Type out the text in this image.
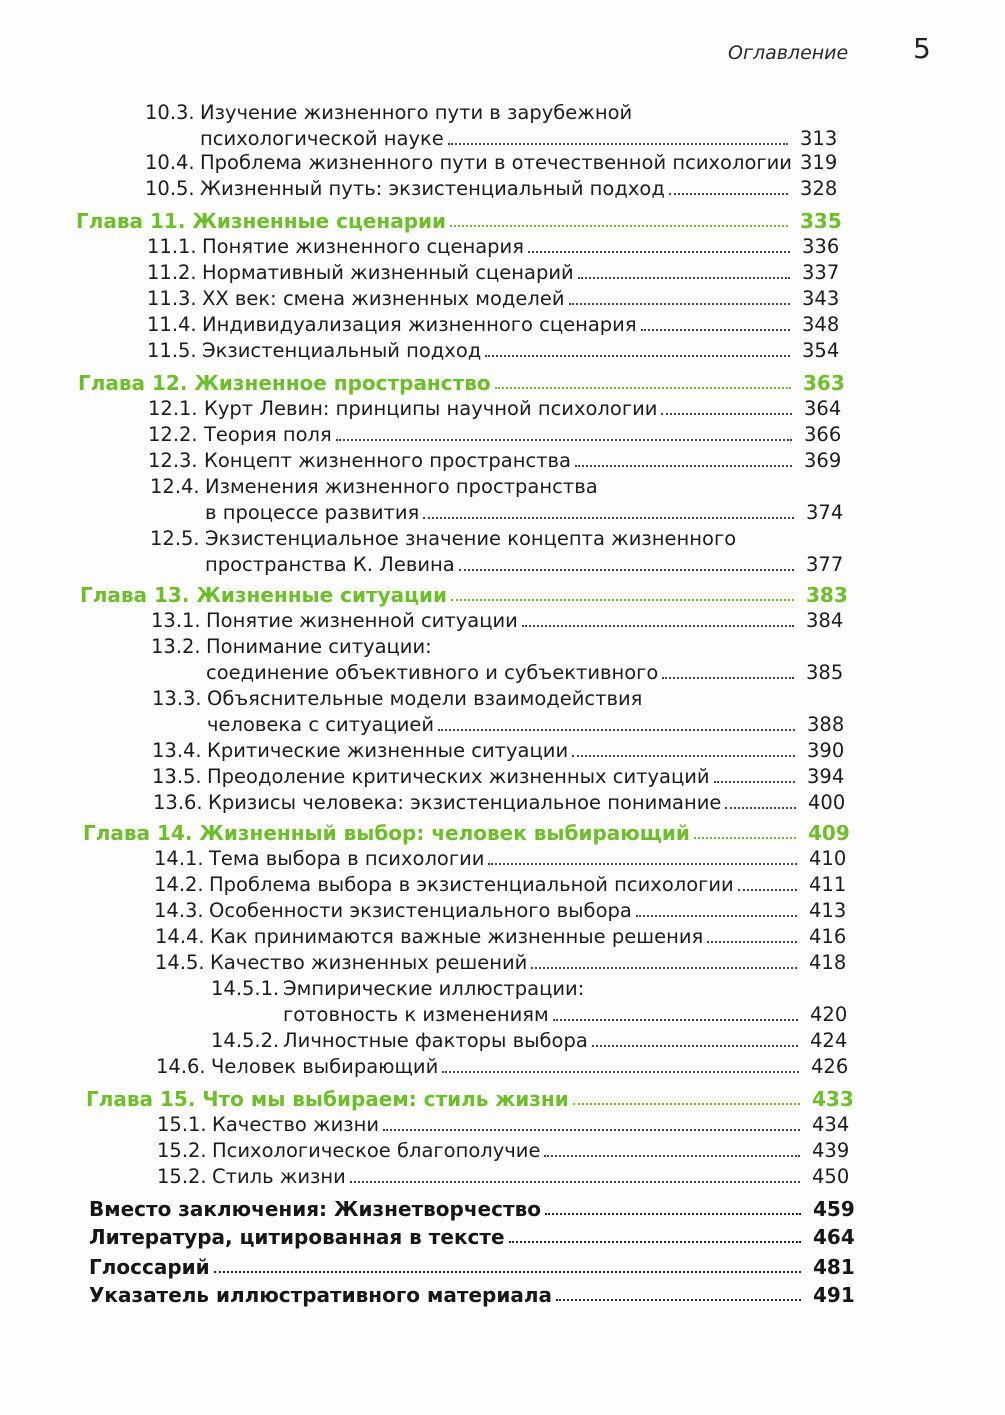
Оглавление 5
10.3. Изучение жизненного пути в зарубежной
психологической науке	313
10.4. Проблема жизненного пути в отечественной психологии 319
10.5. Жизненный путь: экзистенциальный подход	328
Глава 11. Жизненные сценарии	335
11.1. Понятие жизненного сценария	336
11.2. Нормативный жизненный сценарий	337
11.3. XX век: смена жизненных моделей	343
11.4. Индивидуализация жизненного сценария	348
11.5. Экзистенциальный подход	354
Глава 12. Жизненное пространство	363
12.1. Курт Левин: принципы научной психологии	364
12.2. Теория поля	366
12.3. Концепт жизненного пространства	369
12.4. Изменения жизненного пространства
в процессе развития	374
12.5. Экзистенциальное значение концепта жизненного
пространства К. Левина	377
Глава 13. Жизненные ситуации	383
13.1. Понятие жизненной ситуации	384
13.2. Понимание ситуации:
соединение объективного и субъективного	385
13.3. Объяснительные модели взаимодействия
человека с ситуацией	388
13.4. Критические жизненные ситуации	390
13.5. Преодоление критических жизненных ситуаций	394
13.6. Кризисы человека: экзистенциальное понимание	400
Глава 14. Жизненный выбор: человек выбирающий	409
14.1. Тема выбора в психологии	410
14.2. Проблема выбора в экзистенциальной психологии	411
14.3. Особенности экзистенциального выбора	413
14.4. Как принимаются важные жизненные решения	416
14.5. Качество жизненных решений	418
14.5.1. Эмпирические иллюстрации:
готовность к изменениям	420
14.5.2. Личностные факторы выбора	424
14.6. Человек выбирающий	426
Глава 15. Что мы выбираем: стиль жизни	433
15.1. Качество жизни	434
15.2. Психологическое благополучие	439
15.2. Стиль жизни	450
Вместо заключения: Жизнетворчество	459
Литература, цитированная в тексте	464
Глоссарий	481
Указатель иллюстративного материала	491
